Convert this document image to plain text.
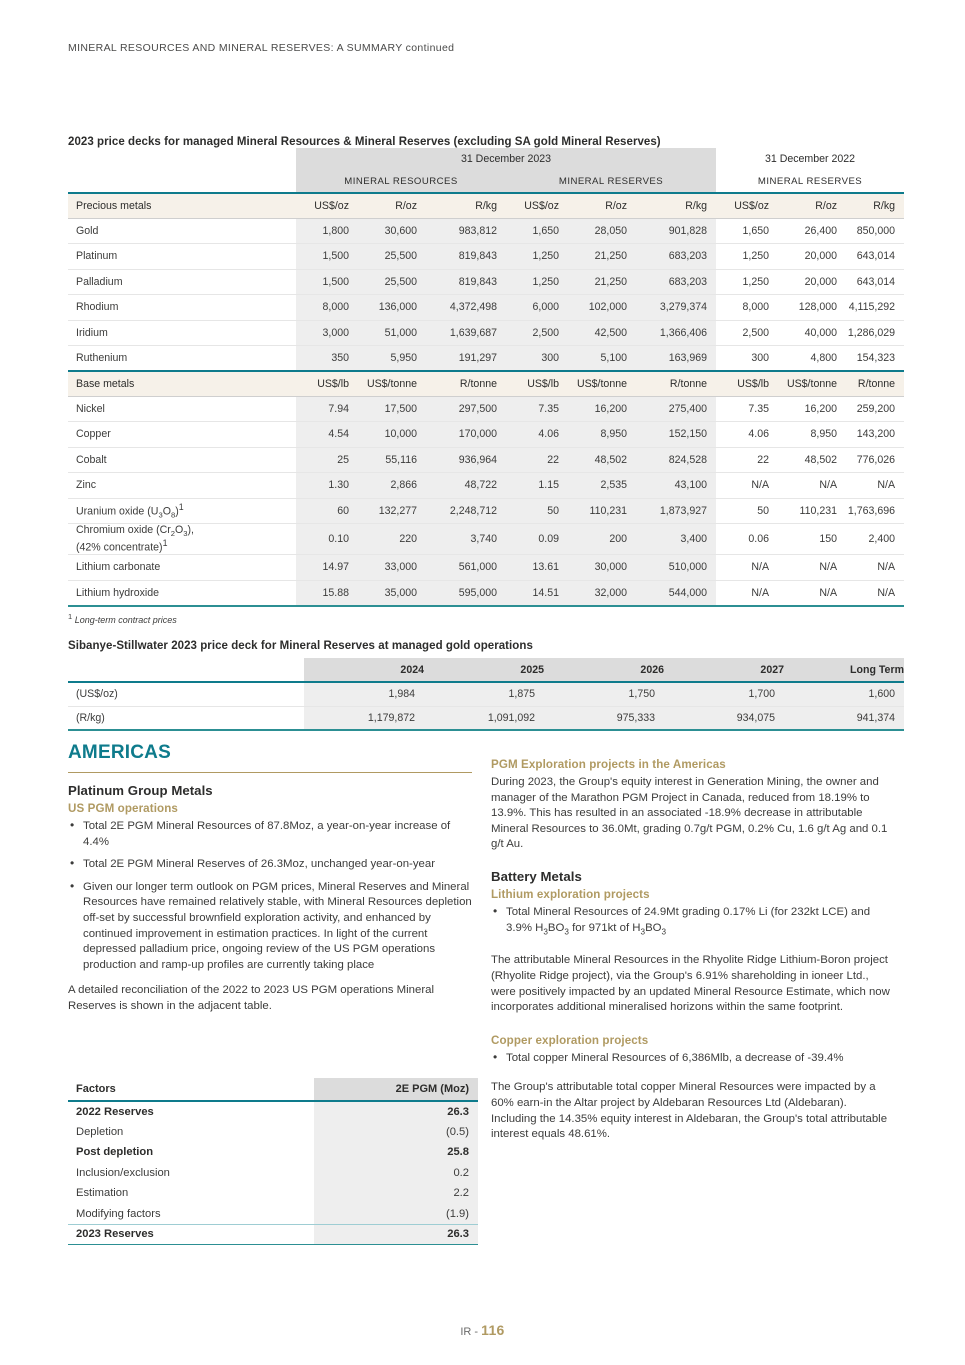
MINERAL RESOURCES AND MINERAL RESERVES: A SUMMARY continued
2023 price decks for managed Mineral Resources & Mineral Reserves (excluding SA gold Mineral Reserves)
	31 December 2023						31 December 2022		
	MINERAL RESOURCES			MINERAL RESERVES			MINERAL RESERVES		
Precious metals	US$/oz	R/oz	R/kg	US$/oz	R/oz	R/kg	US$/oz	R/oz	R/kg
Gold	1,800	30,600	983,812	1,650	28,050	901,828	1,650	26,400	850,000
Platinum	1,500	25,500	819,843	1,250	21,250	683,203	1,250	20,000	643,014
Palladium	1,500	25,500	819,843	1,250	21,250	683,203	1,250	20,000	643,014
Rhodium	8,000	136,000	4,372,498	6,000	102,000	3,279,374	8,000	128,000	4,115,292
Iridium	3,000	51,000	1,639,687	2,500	42,500	1,366,406	2,500	40,000	1,286,029
Ruthenium	350	5,950	191,297	300	5,100	163,969	300	4,800	154,323
Base metals	US$/lb	US$/tonne	R/tonne	US$/lb	US$/tonne	R/tonne	US$/lb	US$/tonne	R/tonne
Nickel	7.94	17,500	297,500	7.35	16,200	275,400	7.35	16,200	259,200
Copper	4.54	10,000	170,000	4.06	8,950	152,150	4.06	8,950	143,200
Cobalt	25	55,116	936,964	22	48,502	824,528	22	48,502	776,026
Zinc	1.30	2,866	48,722	1.15	2,535	43,100	N/A	N/A	N/A
Uranium oxide $(U_3O_8)^1$	60	132,277	2,248,712	50	110,231	1,873,927	50	110,231	1,763,696
Chromium oxide $(Cr_2O_3)$,
(42% concentrate)$^1$	0.10	220	3,740	0.09	200	3,400	0.06	150	2,400
Lithium carbonate	14.97	33,000	561,000	13.61	30,000	510,000	N/A	N/A	N/A
Lithium hydroxide	15.88	35,000	595,000	14.51	32,000	544,000	N/A	N/A	N/A
$^1$ Long-term contract prices
Sibanye-Stillwater 2023 price deck for Mineral Reserves at managed gold operations
	2024	2025	2026	2027	Long Term
(US$/oz)	1,984	1,875	1,750	1,700	1,600
(R/kg)	1,179,872	1,091,092	975,333	934,075	941,374
AMERICAS
Platinum Group Metals
US PGM operations
• Total 2E PGM Mineral Resources of 87.8Moz, a year-on-year increase of 4.4%
• Total 2E PGM Mineral Reserves of 26.3Moz, unchanged year-on-year
• Given our longer term outlook on PGM prices, Mineral Reserves and Mineral Resources have remained relatively stable, with Mineral Resources depletion off-set by successful brownfield exploration activity, and enhanced by continued improvement in estimation practices. In light of the current depressed palladium price, ongoing review of the US PGM operations production and ramp-up profiles are currently taking place

A detailed reconciliation of the 2022 to 2023 US PGM operations Mineral Reserves is shown in the adjacent table.

Factors	2E PGM (Moz)
2022 Reserves	26.3
Depletion	(0.5)
Post depletion	25.8
Inclusion/exclusion	0.2
Estimation	2.2
Modifying factors	(1.9)
2023 Reserves	26.3
PGM Exploration projects in the Americas

During 2023, the Group's equity interest in Generation Mining, the owner and manager of the Marathon PGM Project in Canada, reduced from 18.19% to 13.9%. This has resulted in an associated -18.9% decrease in attributable Mineral Resources to 36.0Mt, grading 0.7g/t PGM, 0.2% Cu, 1.6 g/t Ag and 0.1 g/t Au.

Battery Metals
Lithium exploration projects
• Total Mineral Resources of 24.9Mt grading 0.17% Li (for 232kt LCE) and 3.9% $H_3BO_3$ for 971kt of $H_3BO_3$

The attributable Mineral Resources in the Rhyolite Ridge Lithium-Boron project (Rhyolite Ridge project), via the Group's 6.91% shareholding in ioneer Ltd., were positively impacted by an updated Mineral Resource Estimate, which now incorporates additional mineralised horizons within the same footprint.

Copper exploration projects
• Total copper Mineral Resources of 6,386Mlb, a decrease of -39.4%

The Group's attributable total copper Mineral Resources were impacted by a 60% earn-in the Altar project by Aldebaran Resources Ltd (Aldebaran). Including the 14.35% equity interest in Aldebaran, the Group's total attributable interest equals 48.61%.

IR - 116
